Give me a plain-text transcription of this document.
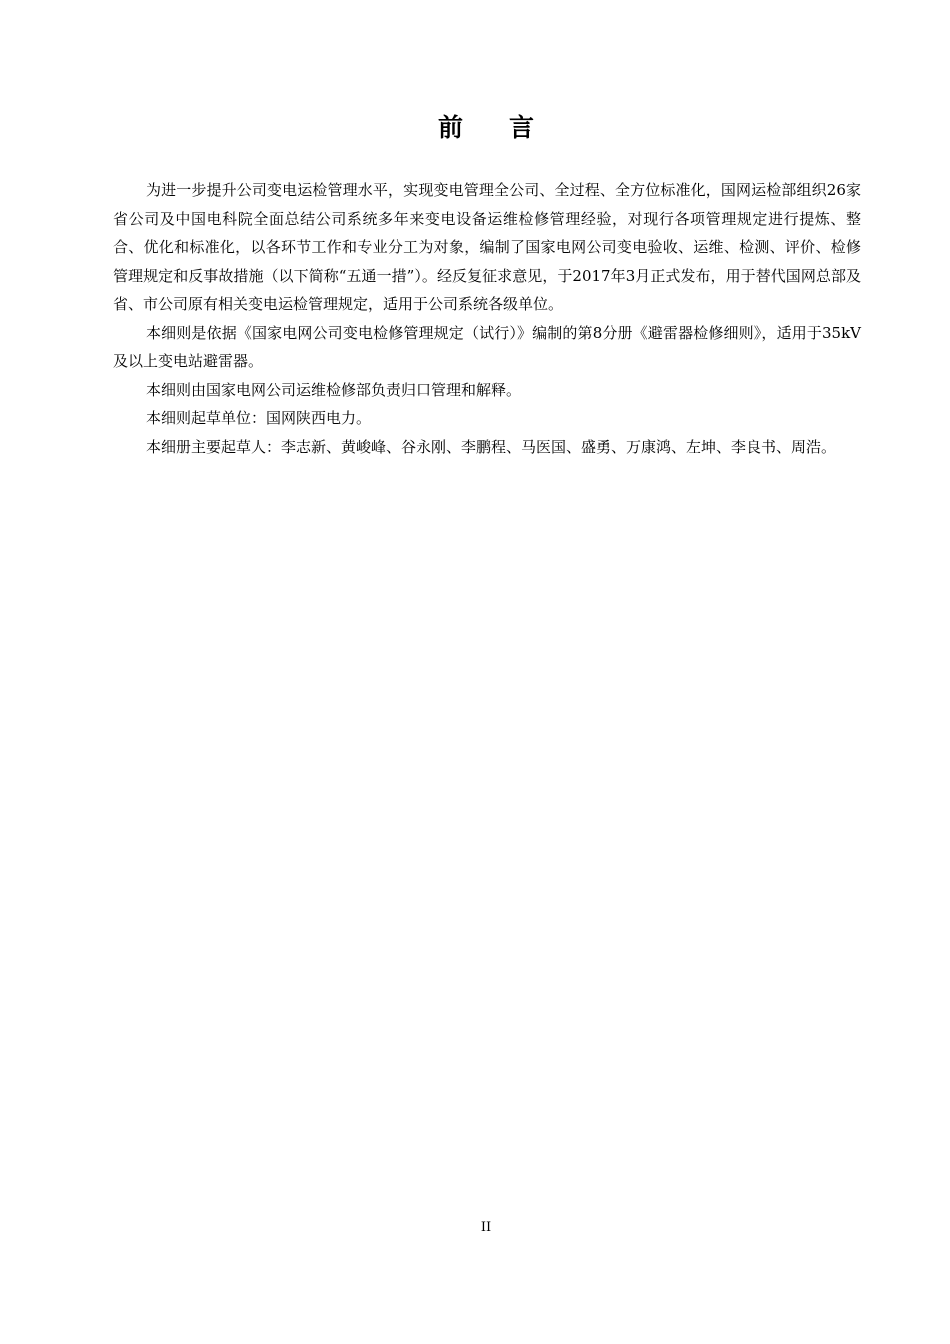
前 言

为进一步提升公司变电运检管理水平，实现变电管理全公司、全过程、全方位标准化，国网运检部组织26家省公司及中国电科院全面总结公司系统多年来变电设备运维检修管理经验，对现行各项管理规定进行提炼、整合、优化和标准化，以各环节工作和专业分工为对象，编制了国家电网公司变电验收、运维、检测、评价、检修管理规定和反事故措施（以下简称“五通一措”）。经反复征求意见，于2017年3月正式发布，用于替代国网总部及省、市公司原有相关变电运检管理规定，适用于公司系统各级单位。

本细则是依据《国家电网公司变电检修管理规定（试行）》编制的第8分册《避雷器检修细则》，适用于35kV及以上变电站避雷器。

本细则由国家电网公司运维检修部负责归口管理和解释。

本细则起草单位：国网陕西电力。

本细册主要起草人：李志新、黄峻峰、谷永刚、李鹏程、马医国、盛勇、万康鸿、左坤、李良书、周浩。

II
